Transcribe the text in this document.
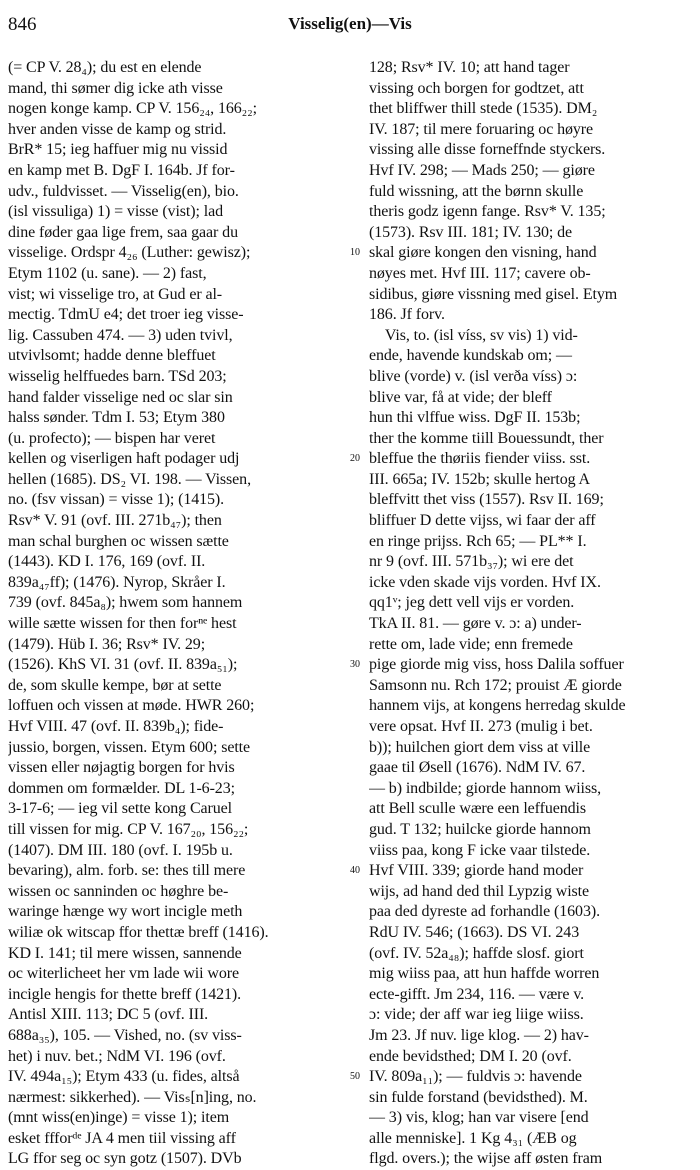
846	Visselig(en)—Vis
(= CP V. 28₄); du est en elende
mand, thi sømer dig icke ath visse
nogen konge kamp. CP V. 156₂₄, 166₂₂;
hver anden visse de kamp og strid.
BrR* 15; ieg haffuer mig nu vissid
en kamp met B. DgF I. 164b. Jf for-
udv., fuldvisset. — Visselig(en), bio.
(isl vissuliga) 1) = visse (vist); lad
dine føder gaa lige frem, saa gaar du
visselige. Ordspr 4₂₆ (Luther: gewisz);
Etym 1102 (u. sane). — 2) fast,
vist; wi visselige tro, at Gud er al-
mectig. TdmU e4; det troer ieg visse-
lig. Cassuben 474. — 3) uden tvivl,
utvivlsomt; hadde denne bleffuet
wisselig helffuedes barn. TSd 203;
hand falder visselige ned oc slar sin
halss sønder. Tdm I. 53; Etym 380
(u. profecto); — bispen har veret
kellen og viserligen haft podager udj
hellen (1685). DS₂ VI. 198. — Vissen,
no. (fsv vissan) = visse 1); (1415).
Rsv* V. 91 (ovf. III. 271b₄₇); then
man schal burghen oc wissen sætte
(1443). KD I. 176, 169 (ovf. II.
839a₄₇ff); (1476). Nyrop, Skråer I.
739 (ovf. 845a₈); hwem som hannem
wille sætte wissen for then forⁿᵉ hest
(1479). Hüb I. 36; Rsv* IV. 29;
(1526). KhS VI. 31 (ovf. II. 839a₅₁);
de, som skulle kempe, bør at sette
loffuen och vissen at møde. HWR 260;
Hvf VIII. 47 (ovf. II. 839b₄); fide-
jussio, borgen, vissen. Etym 600; sette
vissen eller nøjagtig borgen for hvis
dommen om formælder. DL 1-6-23;
3-17-6; — ieg vil sette kong Caruel
till vissen for mig. CP V. 167₂₀, 156₂₂;
(1407). DM III. 180 (ovf. I. 195b u.
bevaring), alm. forb. se: thes till mere
wissen oc sanninden oc høghre be-
waringe hænge wy wort incigle meth
wiliæ ok witscap ffor thettæ breff (1416).
KD I. 141; til mere wissen, sannende
oc witerlicheet her vm lade wii wore
incigle hengis for thette breff (1421).
Antisl XIII. 113; DC 5 (ovf. III.
688a₃₅), 105. — Vished, no. (sv viss-
het) i nuv. bet.; NdM VI. 196 (ovf.
IV. 494a₁₅); Etym 433 (u. fides, altså
nærmest: sikkerhed). — Visₛ[n]ing, no.
(mnt wiss(en)inge) = visse 1); item
esket ffforᵈᵉ JA 4 men tiil vissing aff
LG ffor seg oc syn gotz (1507). DVb
10
20
30
40
50
128; Rsv* IV. 10; att hand tager
vissing och borgen for godtzet, att
thet bliffwer thill stede (1535). DM₂
IV. 187; til mere foruaring oc høyre
vissing alle disse forneffnde styckers.
Hvf IV. 298; — Mads 250; — giøre
fuld wissning, att the børnn skulle
theris godz igenn fange. Rsv* V. 135;
(1573). Rsv III. 181; IV. 130; de
skal giøre kongen den visning, hand
nøyes met. Hvf III. 117; cavere ob-
sidibus, giøre vissning med gisel. Etym
186. Jf forv.
 Vis, to. (isl víss, sv vis) 1) vid-
ende, havende kundskab om; —
blive (vorde) v. (isl verða víss) ɔ:
blive var, få at vide; der bleff
hun thi vlffue wiss. DgF II. 153b;
ther the komme tiill Bouessundt, ther
bleffue the thøriis fiender viiss. sst.
III. 665a; IV. 152b; skulle hertog A
bleffvitt thet viss (1557). Rsv II. 169;
bliffuer D dette vijss, wi faar der aff
en ringe prijss. Rch 65; — PL** I.
nr 9 (ovf. III. 571b₃₇); wi ere det
icke vden skade vijs vorden. Hvf IX.
qq1ᵛ; jeg dett vell vijs er vorden.
TkA II. 81. — gøre v. ɔ: a) under-
rette om, lade vide; enn fremede
pige giorde mig viss, hoss Dalila soffuer
Samsonn nu. Rch 172; prouist Æ giorde
hannem vijs, at kongens herredag skulde
vere opsat. Hvf II. 273 (mulig i bet.
b)); huilchen giort dem viss at ville
gaae til Øsell (1676). NdM IV. 67.
— b) indbilde; giorde hannom wiiss,
att Bell sculle wære een leffuendis
gud. T 132; huilcke giorde hannom
viiss paa, kong F icke vaar tilstede.
Hvf VIII. 339; giorde hand moder
wijs, ad hand ded thil Lypzig wiste
paa ded dyreste ad forhandle (1603).
RdU IV. 546; (1663). DS VI. 243
(ovf. IV. 52a₄₈); haffde slosf. giort
mig wiiss paa, att hun haffde worren
ecte-gifft. Jm 234, 116. — være v.
ɔ: vide; der aff war ieg liige wiiss.
Jm 23. Jf nuv. lige klog. — 2) hav-
ende bevidsthed; DM I. 20 (ovf.
IV. 809a₁₁); — fuldvis ɔ: havende
sin fulde forstand (bevidsthed). M.
— 3) vis, klog; han var visere [end
alle menniske]. 1 Kg 4₃₁ (ÆB og
flgd. overs.); the wijse aff østen fram
